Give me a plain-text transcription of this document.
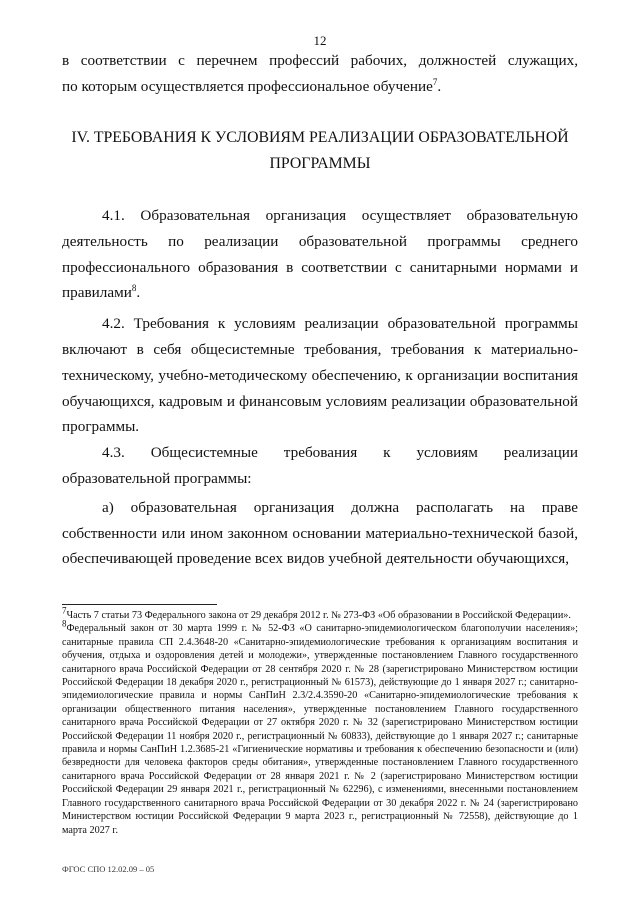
12

в соответствии с перечнем профессий рабочих, должностей служащих,

по которым осуществляется профессиональное обучение$^7$.

IV. ТРЕБОВАНИЯ К УСЛОВИЯМ РЕАЛИЗАЦИИ ОБРАЗОВАТЕЛЬНОЙ
ПРОГРАММЫ

4.1. Образовательная организация осуществляет образовательную деятельность по реализации образовательной программы среднего профессионального образования в соответствии с санитарными нормами и правилами$^8$.

4.2. Требования к условиям реализации образовательной программы включают в себя общесистемные требования, требования к материально-техническому, учебно-методическому обеспечению, к организации воспитания обучающихся, кадровым и финансовым условиям реализации образовательной программы.

4.3. Общесистемные требования к условиям реализации образовательной программы:

а) образовательная организация должна располагать на праве собственности или ином законном основании материально-технической базой, обеспечивающей проведение всех видов учебной деятельности обучающихся,

$^7$Часть 7 статьи 73 Федерального закона от 29 декабря 2012 г. № 273-ФЗ «Об образовании в Российской Федерации».

$^8$Федеральный закон от 30 марта 1999 г. № 52-ФЗ «О санитарно-эпидемиологическом благополучии населения»; санитарные правила СП 2.4.3648-20 «Санитарно-эпидемиологические требования к организациям воспитания и обучения, отдыха и оздоровления детей и молодежи», утвержденные постановлением Главного государственного санитарного врача Российской Федерации от 28 сентября 2020 г. № 28 (зарегистрировано Министерством юстиции Российской Федерации 18 декабря 2020 г., регистрационный № 61573), действующие до 1 января 2027 г.; санитарно-эпидемиологические правила и нормы СанПиН 2.3/2.4.3590-20 «Санитарно-эпидемиологические требования к организации общественного питания населения», утвержденные постановлением Главного государственного санитарного врача Российской Федерации от 27 октября 2020 г. № 32 (зарегистрировано Министерством юстиции Российской Федерации 11 ноября 2020 г., регистрационный № 60833), действующие до 1 января 2027 г.; санитарные правила и нормы СанПиН 1.2.3685-21 «Гигиенические нормативы и требования к обеспечению безопасности и (или) безвредности для человека факторов среды обитания», утвержденные постановлением Главного государственного санитарного врача Российской Федерации от 28 января 2021 г. № 2 (зарегистрировано Министерством юстиции Российской Федерации 29 января 2021 г., регистрационный № 62296), с изменениями, внесенными постановлением Главного государственного санитарного врача Российской Федерации от 30 декабря 2022 г. № 24 (зарегистрировано Министерством юстиции Российской Федерации 9 марта 2023 г., регистрационный № 72558), действующие до 1 марта 2027 г.

ФГОС СПО 12.02.09 – 05
